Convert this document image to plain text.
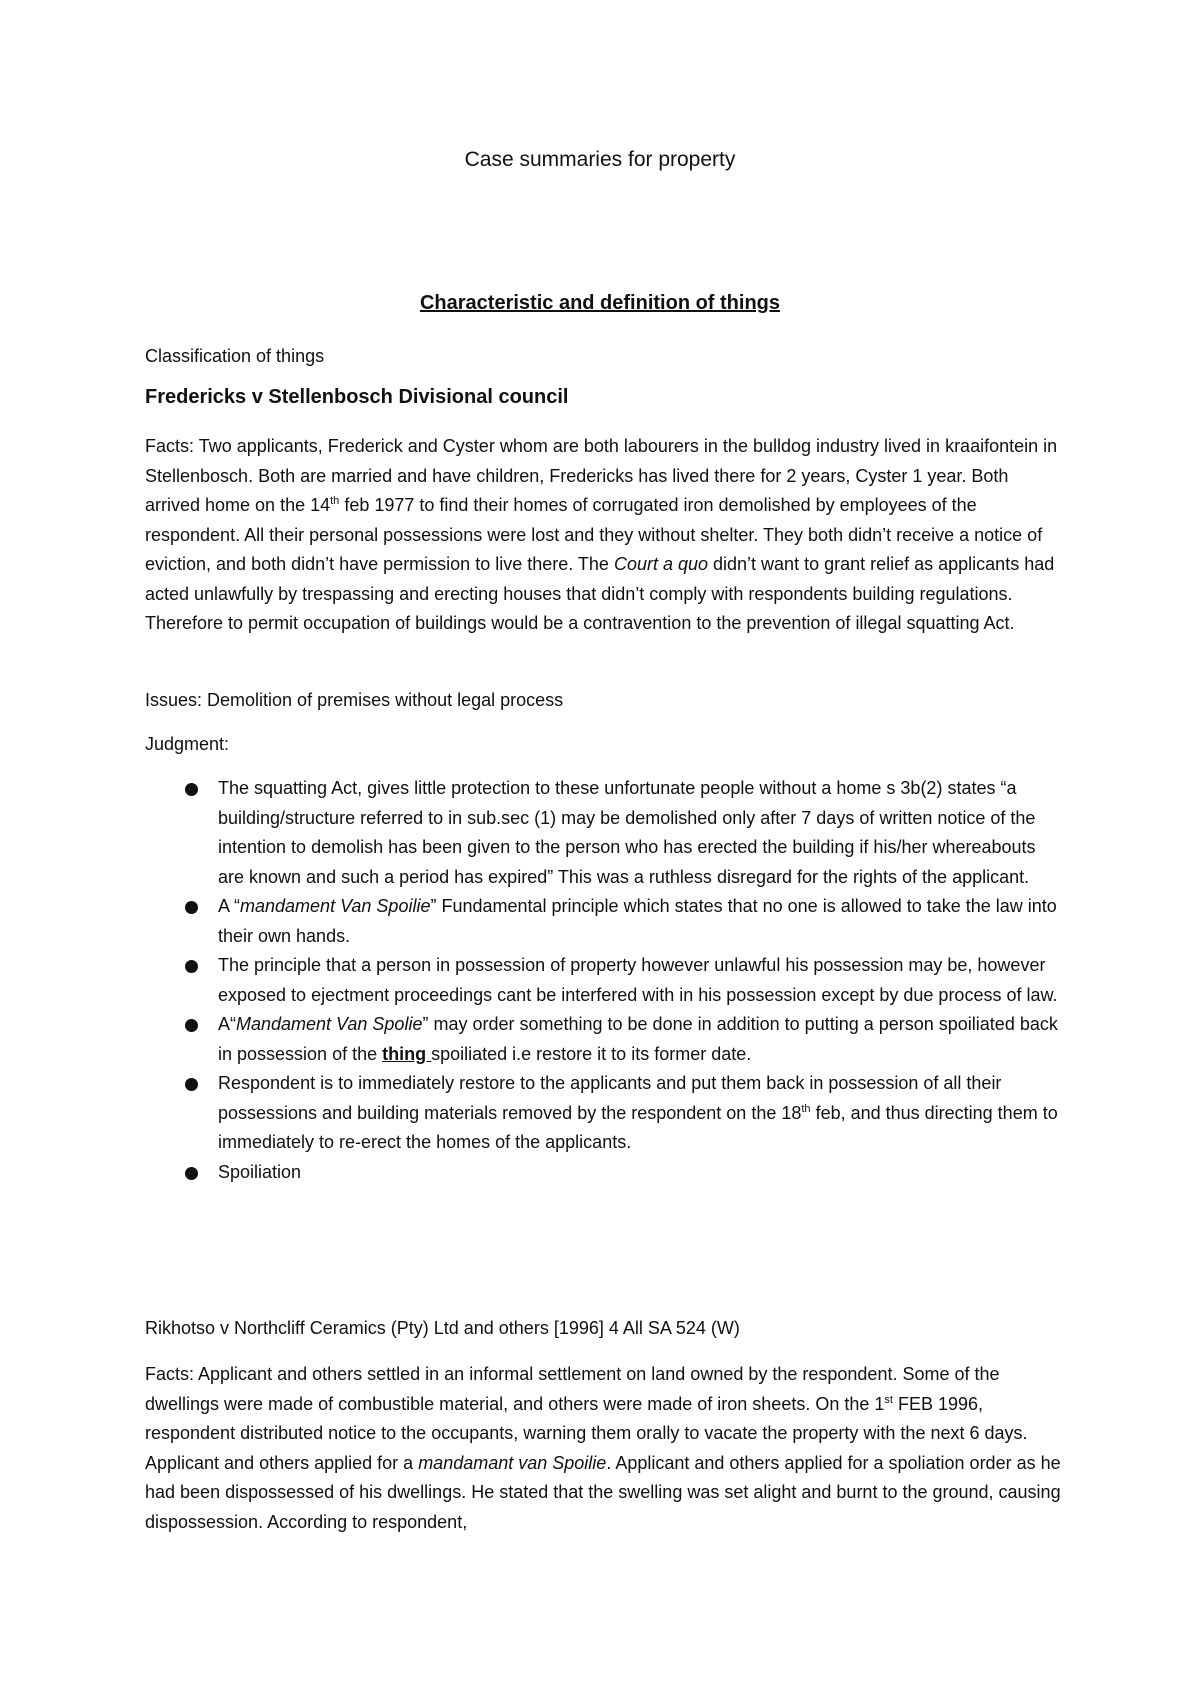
Case summaries for property
Characteristic and definition of things

Classification of things

Fredericks v Stellenbosch Divisional council

Facts: Two applicants, Frederick and Cyster whom are both labourers in the bulldog industry lived in kraaifontein in Stellenbosch. Both are married and have children, Fredericks has lived there for 2 years, Cyster 1 year. Both arrived home on the 14th feb 1977 to find their homes of corrugated iron demolished by employees of the respondent. All their personal possessions were lost and they without shelter. They both didn’t receive a notice of eviction, and both didn’t have permission to live there. The Court a quo didn’t want to grant relief as applicants had acted unlawfully by trespassing and erecting houses that didn’t comply with respondents building regulations. Therefore to permit occupation of buildings would be a contravention to the prevention of illegal squatting Act.

Issues: Demolition of premises without legal process

Judgment:

The squatting Act, gives little protection to these unfortunate people without a home s 3b(2) states “a building/structure referred to in sub.sec (1) may be demolished only after 7 days of written notice of the intention to demolish has been given to the person who has erected the building if his/her whereabouts are known and such a period has expired” This was a ruthless disregard for the rights of the applicant.
A “mandament Van Spoilie” Fundamental principle which states that no one is allowed to take the law into their own hands.
The principle that a person in possession of property however unlawful his possession may be, however exposed to ejectment proceedings cant be interfered with in his possession except by due process of law.
A“Mandament Van Spolie” may order something to be done in addition to putting a person spoiliated back in possession of the thing spoiliated i.e restore it to its former date.
Respondent is to immediately restore to the applicants and put them back in possession of all their possessions and building materials removed by the respondent on the 18th feb, and thus directing them to immediately to re-erect the homes of the applicants.
Spoiliation

Rikhotso v Northcliff Ceramics (Pty) Ltd and others [1996] 4 All SA 524 (W)

Facts: Applicant and others settled in an informal settlement on land owned by the respondent. Some of the dwellings were made of combustible material, and others were made of iron sheets. On the 1st FEB 1996, respondent distributed notice to the occupants, warning them orally to vacate the property with the next 6 days. Applicant and others applied for a mandamant van Spoilie. Applicant and others applied for a spoliation order as he had been dispossessed of his dwellings. He stated that the swelling was set alight and burnt to the ground, causing dispossession. According to respondent,
